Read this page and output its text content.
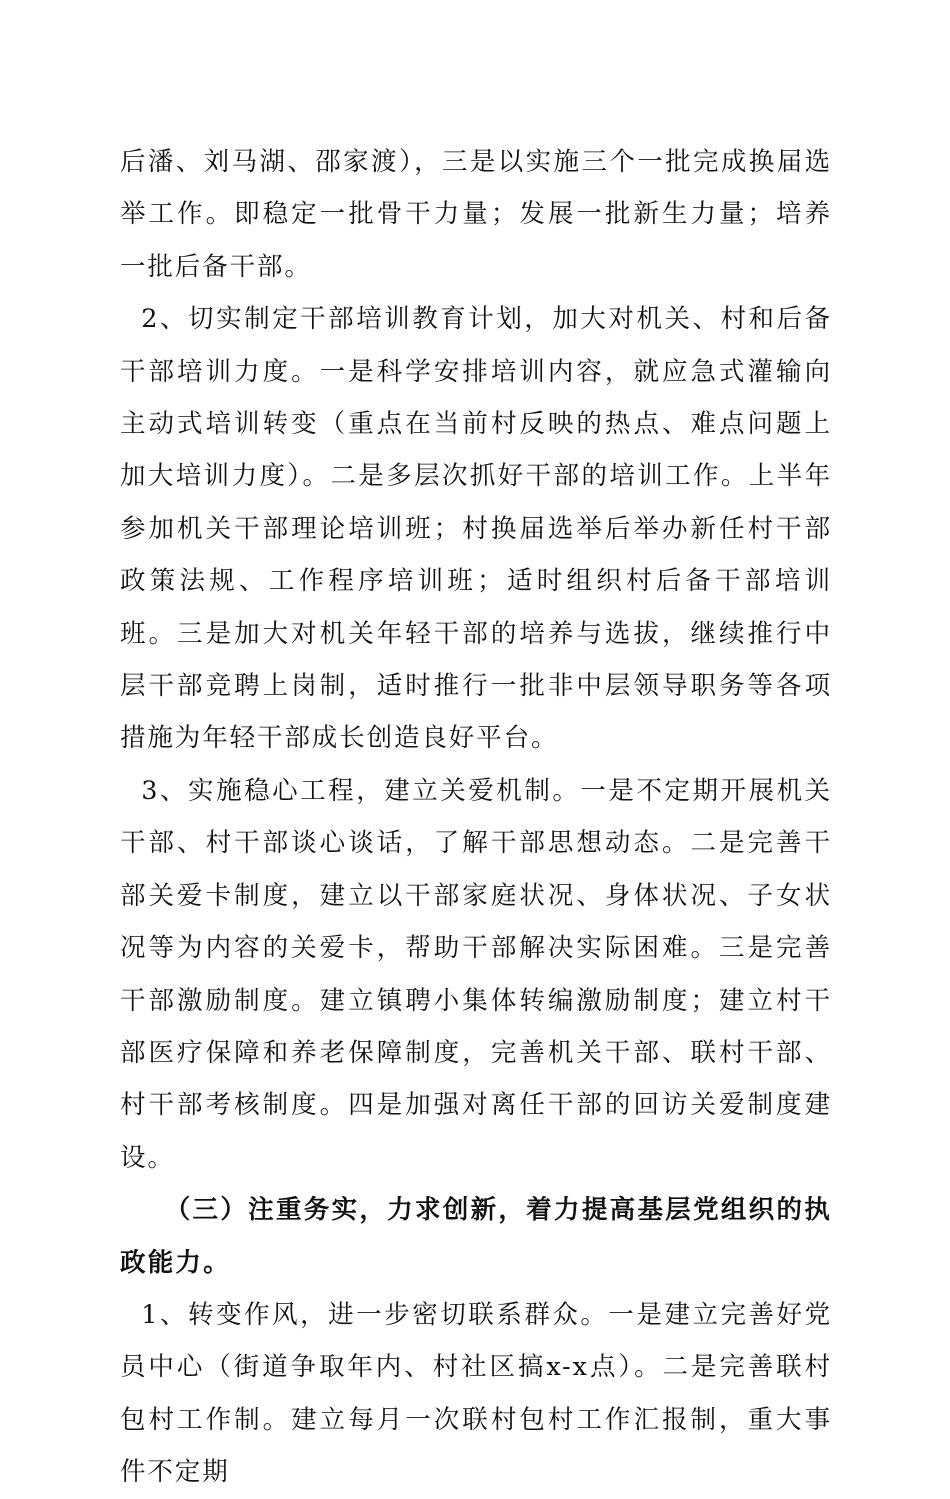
后潘、刘马湖、邵家渡），三是以实施三个一批完成换届选举工作。即稳定一批骨干力量；发展一批新生力量；培养一批后备干部。

2、切实制定干部培训教育计划，加大对机关、村和后备干部培训力度。一是科学安排培训内容，就应急式灌输向主动式培训转变（重点在当前村反映的热点、难点问题上加大培训力度）。二是多层次抓好干部的培训工作。上半年参加机关干部理论培训班；村换届选举后举办新任村干部政策法规、工作程序培训班；适时组织村后备干部培训班。三是加大对机关年轻干部的培养与选拔，继续推行中层干部竞聘上岗制，适时推行一批非中层领导职务等各项措施为年轻干部成长创造良好平台。

3、实施稳心工程，建立关爱机制。一是不定期开展机关干部、村干部谈心谈话，了解干部思想动态。二是完善干部关爱卡制度，建立以干部家庭状况、身体状况、子女状况等为内容的关爱卡，帮助干部解决实际困难。三是完善干部激励制度。建立镇聘小集体转编激励制度；建立村干部医疗保障和养老保障制度，完善机关干部、联村干部、村干部考核制度。四是加强对离任干部的回访关爱制度建设。

（三）注重务实，力求创新，着力提高基层党组织的执政能力。

1、转变作风，进一步密切联系群众。一是建立完善好党员中心（街道争取年内、村社区搞x-x点）。二是完善联村包村工作制。建立每月一次联村包村工作汇报制，重大事件不定期
